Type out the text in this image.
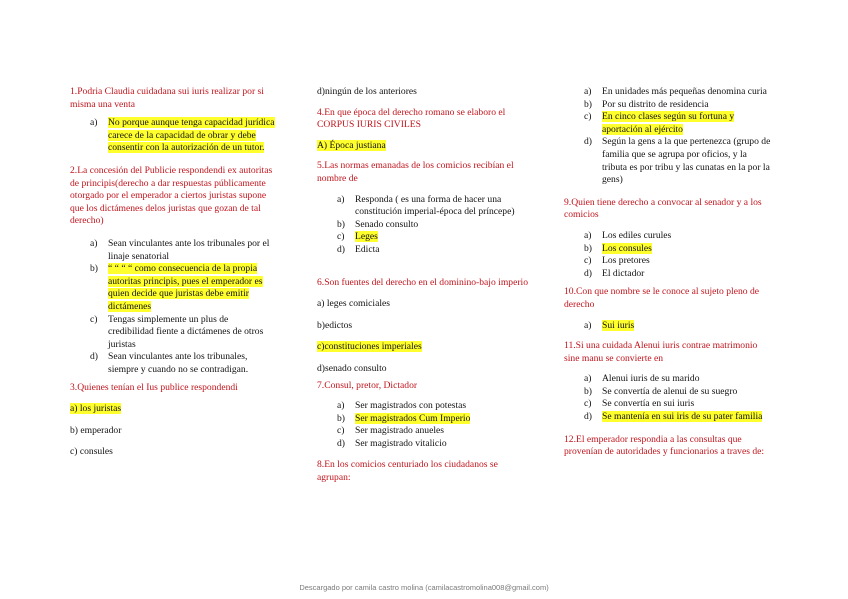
1.Podria Claudia cuidadana sui iuris realizar por si misma una venta

a) No porque aunque tenga capacidad jurídica carece de la capacidad de obrar y debe consentir con la autorización de un tutor.

2.La concesión del Publicie respondendi ex autoritas de principis(derecho a dar respuestas públicamente otorgado por el emperador a ciertos juristas supone que los dictámenes delos juristas que gozan de tal derecho)

a) Sean vinculantes ante los tribunales por el linaje senatorial
b) “ “ “ “ como consecuencia de la propia autoritas principis, pues el emperador es quien decide que juristas debe emitir dictámenes
c) Tengas simplemente un plus de credibilidad fiente a dictámenes de otros juristas
d) Sean vinculantes ante los tribunales, siempre y cuando no se contradigan.

3.Quienes tenían el Ius publice respondendi

a) los juristas

b) emperador

c) consules

d)ningún de los anteriores

4.En que época del derecho romano se elaboro el CORPUS IURIS CIVILES

A) Época justiana

5.Las normas emanadas de los comicios recibían el nombre de

a) Responda ( es una forma de hacer una constitución imperial-época del príncepe)
b) Senado consulto
c) Leges
d) Edicta

6.Son fuentes del derecho en el dominino-bajo imperio

a) leges comiciales

b)edictos

c)constituciones imperiales

d)senado consulto

7.Consul, pretor, Dictador

a) Ser magistrados con potestas
b) Ser magistrados Cum Imperio
c) Ser magistrado anueles
d) Ser magistrado vitalicio

8.En los comicios centuriado los ciudadanos se agrupan:

a) En unidades más pequeñas denomina curia
b) Por su distrito de residencia
c) En cinco clases según su fortuna y aportación al ejército
d) Según la gens a la que pertenezca (grupo de familia que se agrupa por oficios, y la tributa es por tribu y las cunatas en la por la gens)

9.Quien tiene derecho a convocar al senador y a los comicios

a) Los ediles curules
b) Los consules
c) Los pretores
d) El dictador

10.Con que nombre se le conoce al sujeto pleno de derecho

a) Sui iuris

11.Si una cuidada Alenui iuris contrae matrimonio sine manu se convierte en

a) Alenui iuris de su marido
b) Se convertía de alenui de su suegro
c) Se convertía en sui iuris
d) Se mantenía en sui iris de su pater familia

12.El emperador respondia a las consultas que provenían de autoridades y funcionarios a traves de:

Descargado por camila castro molina (camilacastromolina008@gmail.com)
